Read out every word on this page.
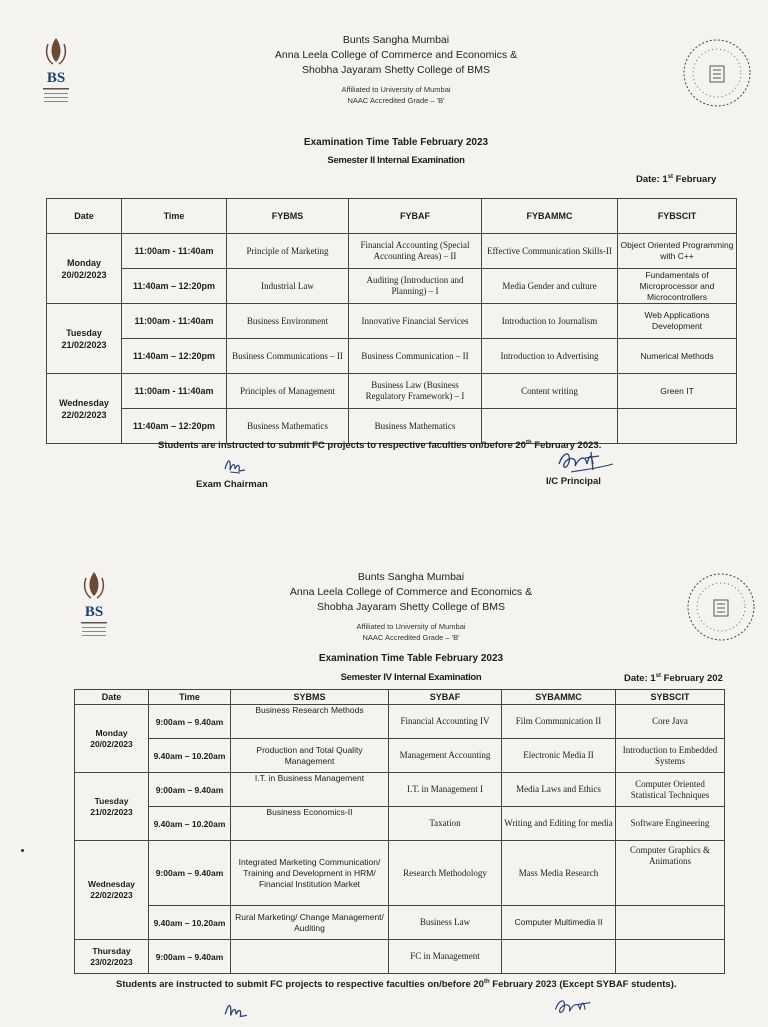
BS
Bunts Sangha Mumbai
Anna Leela College of Commerce and Economics &
Shobha Jayaram Shetty College of BMS
Affiliated to University of Mumbai
NAAC Accredited Grade – 'B'
Examination Time Table February 2023
Semester II Internal Examination
Date: 1st February
Date	Time	FYBMS	FYBAF	FYBAMMC	FYBSCIT
Monday 20/02/2023	11:00am - 11:40am	Principle of Marketing	Financial Accounting (Special Accounting Areas) – II	Effective Communication Skills-II	Object Oriented Programming with C++
	11:40am – 12:20pm	Industrial Law	Auditing (Introduction and Planning) – I	Media Gender and culture	Fundamentals of Microprocessor and Microcontrollers
Tuesday 21/02/2023	11:00am - 11:40am	Business Environment	Innovative Financial Services	Introduction to Journalism	Web Applications Development
	11:40am – 12:20pm	Business Communications – II	Business Communication – II	Introduction to Advertising	Numerical Methods
Wednesday 22/02/2023	11:00am - 11:40am	Principles of Management	Business Law (Business Regulatory Framework) – I	Content writing	Green IT
	11:40am – 12:20pm	Business Mathematics	Business Mathematics		
Students are instructed to submit FC projects to respective faculties on/before 20th February 2023.
Exam Chairman	I/C Principal
BS
Bunts Sangha Mumbai
Anna Leela College of Commerce and Economics &
Shobha Jayaram Shetty College of BMS
Affiliated to University of Mumbai
NAAC Accredited Grade – 'B'
Examination Time Table February 2023
Semester IV Internal Examination	Date: 1st February 202
Date	Time	SYBMS	SYBAF	SYBAMMC	SYBSCIT
Monday 20/02/2023	9:00am – 9.40am	Business Research Methods	Financial Accounting IV	Film Communication II	Core Java
	9.40am – 10.20am	Production and Total Quality Management	Management Accounting	Electronic Media II	Introduction to Embedded Systems
Tuesday 21/02/2023	9:00am – 9.40am	I.T. in Business Management	I.T. in Management I	Media Laws and Ethics	Computer Oriented Statistical Techniques
	9.40am – 10.20am	Business Economics-II	Taxation	Writing and Editing for media	Software Engineering
Wednesday 22/02/2023	9:00am – 9.40am	Integrated Marketing Communication/ Training and Development in HRM/ Financial Institution Market	Research Methodology	Mass Media Research	Computer Graphics & Animations
	9.40am – 10.20am	Rural Marketing/ Change Management/ Auditing	Business Law	Computer Multimedia II	
Thursday 23/02/2023	9:00am – 9.40am		FC in Management		
Students are instructed to submit FC projects to respective faculties on/before 20th February 2023 (Except SYBAF students).
